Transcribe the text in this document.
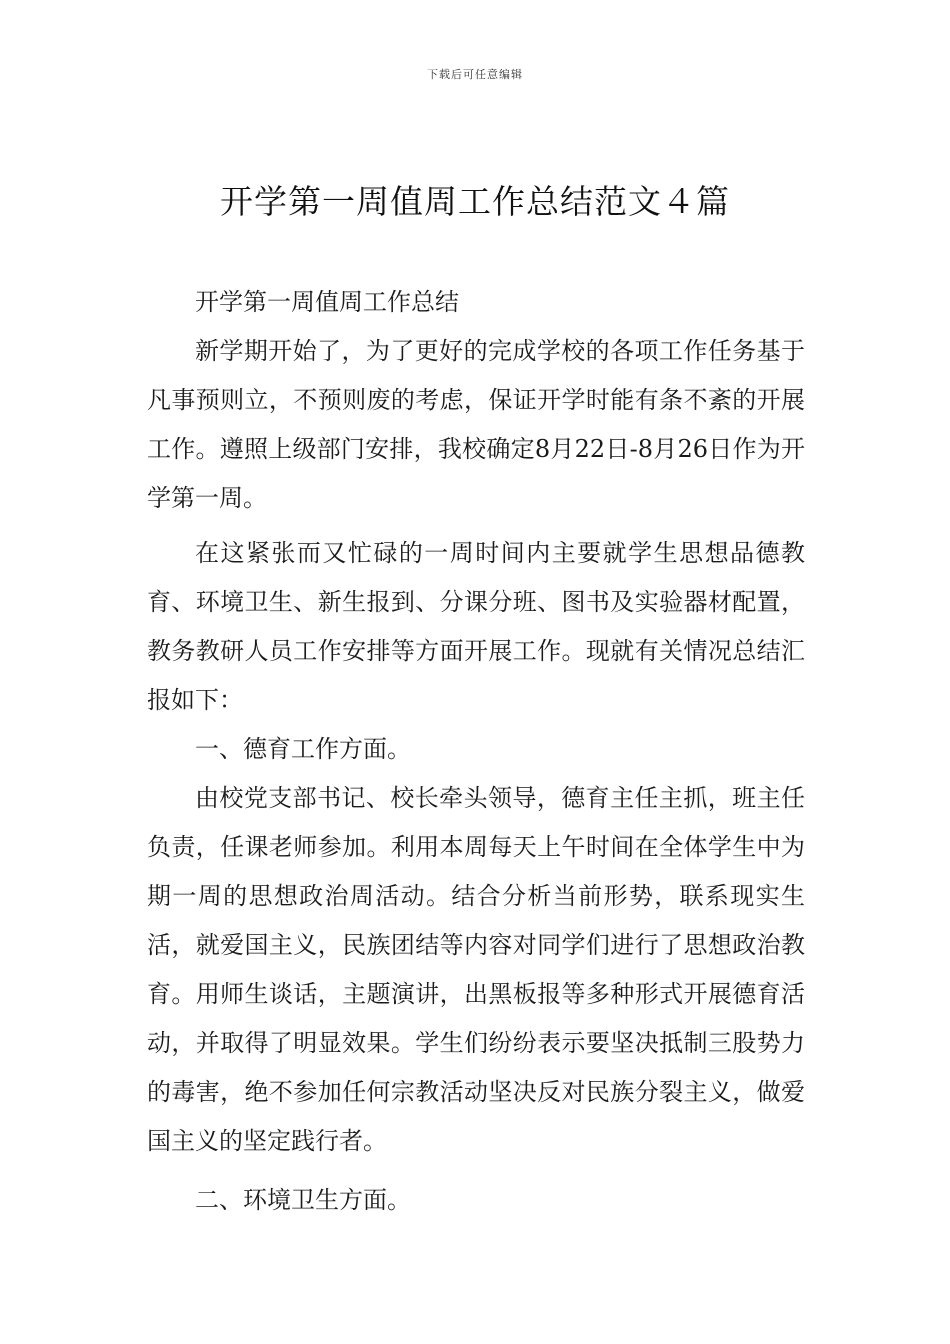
下载后可任意编辑
开学第一周值周工作总结范文４篇

开学第一周值周工作总结

新学期开始了，为了更好的完成学校的各项工作任务基于凡事预则立，不预则废的考虑，保证开学时能有条不紊的开展工作。遵照上级部门安排，我校确定8月22日-8月26日作为开学第一周。

在这紧张而又忙碌的一周时间内主要就学生思想品德教育、环境卫生、新生报到、分课分班、图书及实验器材配置，教务教研人员工作安排等方面开展工作。现就有关情况总结汇报如下：

一、德育工作方面。

由校党支部书记、校长牵头领导，德育主任主抓，班主任负责，任课老师参加。利用本周每天上午时间在全体学生中为期一周的思想政治周活动。结合分析当前形势，联系现实生活，就爱国主义，民族团结等内容对同学们进行了思想政治教育。用师生谈话，主题演讲，出黑板报等多种形式开展德育活动，并取得了明显效果。学生们纷纷表示要坚决抵制三股势力的毒害，绝不参加任何宗教活动坚决反对民族分裂主义，做爱国主义的坚定践行者。

二、环境卫生方面。
